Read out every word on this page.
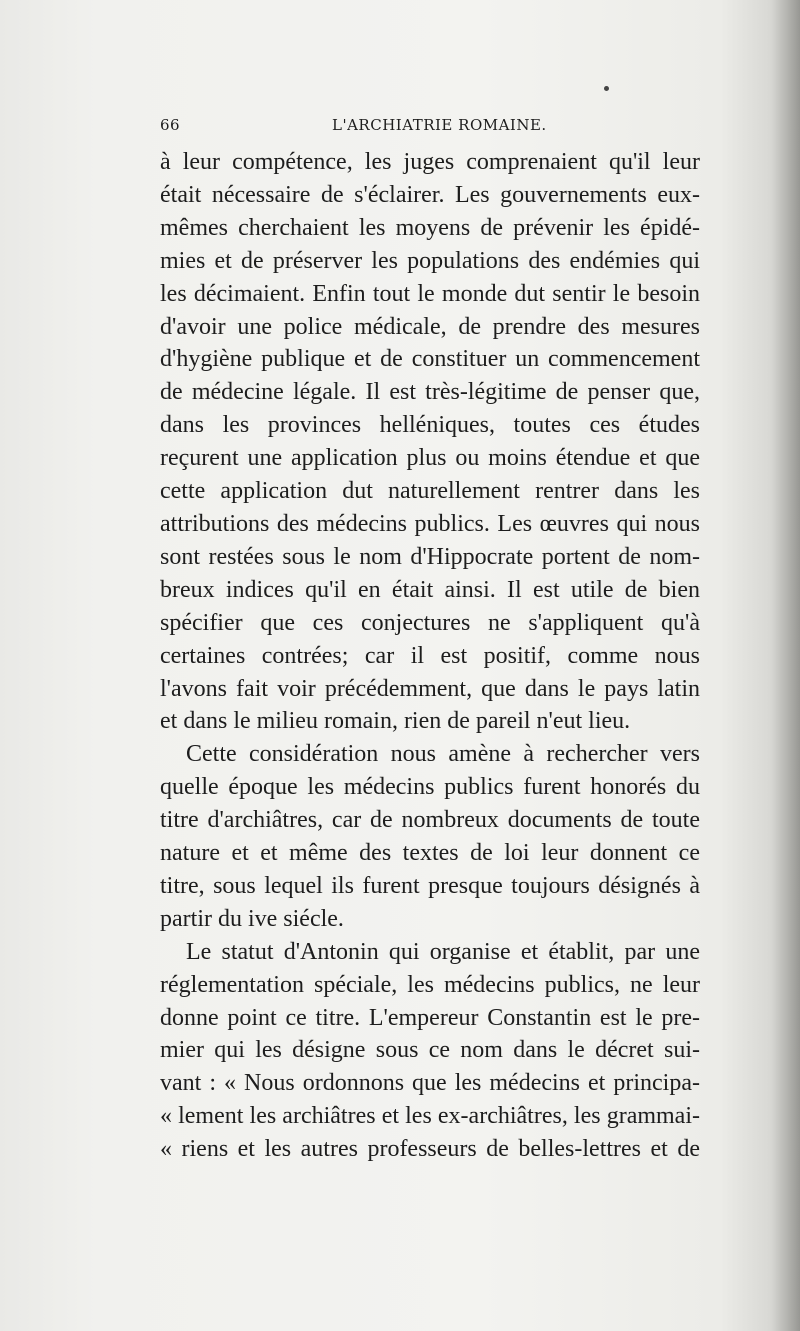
66	L'ARCHIATRIE ROMAINE.
à leur compétence, les juges comprenaient qu'il leur
était nécessaire de s'éclairer. Les gouvernements eux-
mêmes cherchaient les moyens de prévenir les épidé-
mies et de préserver les populations des endémies qui
les décimaient. Enfin tout le monde dut sentir le besoin
d'avoir une police médicale, de prendre des mesures
d'hygiène publique et de constituer un commencement
de médecine légale. Il est très-légitime de penser que,
dans les provinces helléniques, toutes ces études
reçurent une application plus ou moins étendue et que
cette application dut naturellement rentrer dans les
attributions des médecins publics. Les œuvres qui nous
sont restées sous le nom d'Hippocrate portent de nom-
breux indices qu'il en était ainsi. Il est utile de bien
spécifier que ces conjectures ne s'appliquent qu'à
certaines contrées; car il est positif, comme nous
l'avons fait voir précédemment, que dans le pays latin
et dans le milieu romain, rien de pareil n'eut lieu.
Cette considération nous amène à rechercher vers
quelle époque les médecins publics furent honorés du
titre d'archiâtres, car de nombreux documents de toute
nature et et même des textes de loi leur donnent ce
titre, sous lequel ils furent presque toujours désignés à
partir du ive siécle.
Le statut d'Antonin qui organise et établit, par une
réglementation spéciale, les médecins publics, ne leur
donne point ce titre. L'empereur Constantin est le pre-
mier qui les désigne sous ce nom dans le décret sui-
vant : « Nous ordonnons que les médecins et principa-
« lement les archiâtres et les ex-archiâtres, les grammai-
« riens et les autres professeurs de belles-lettres et de
